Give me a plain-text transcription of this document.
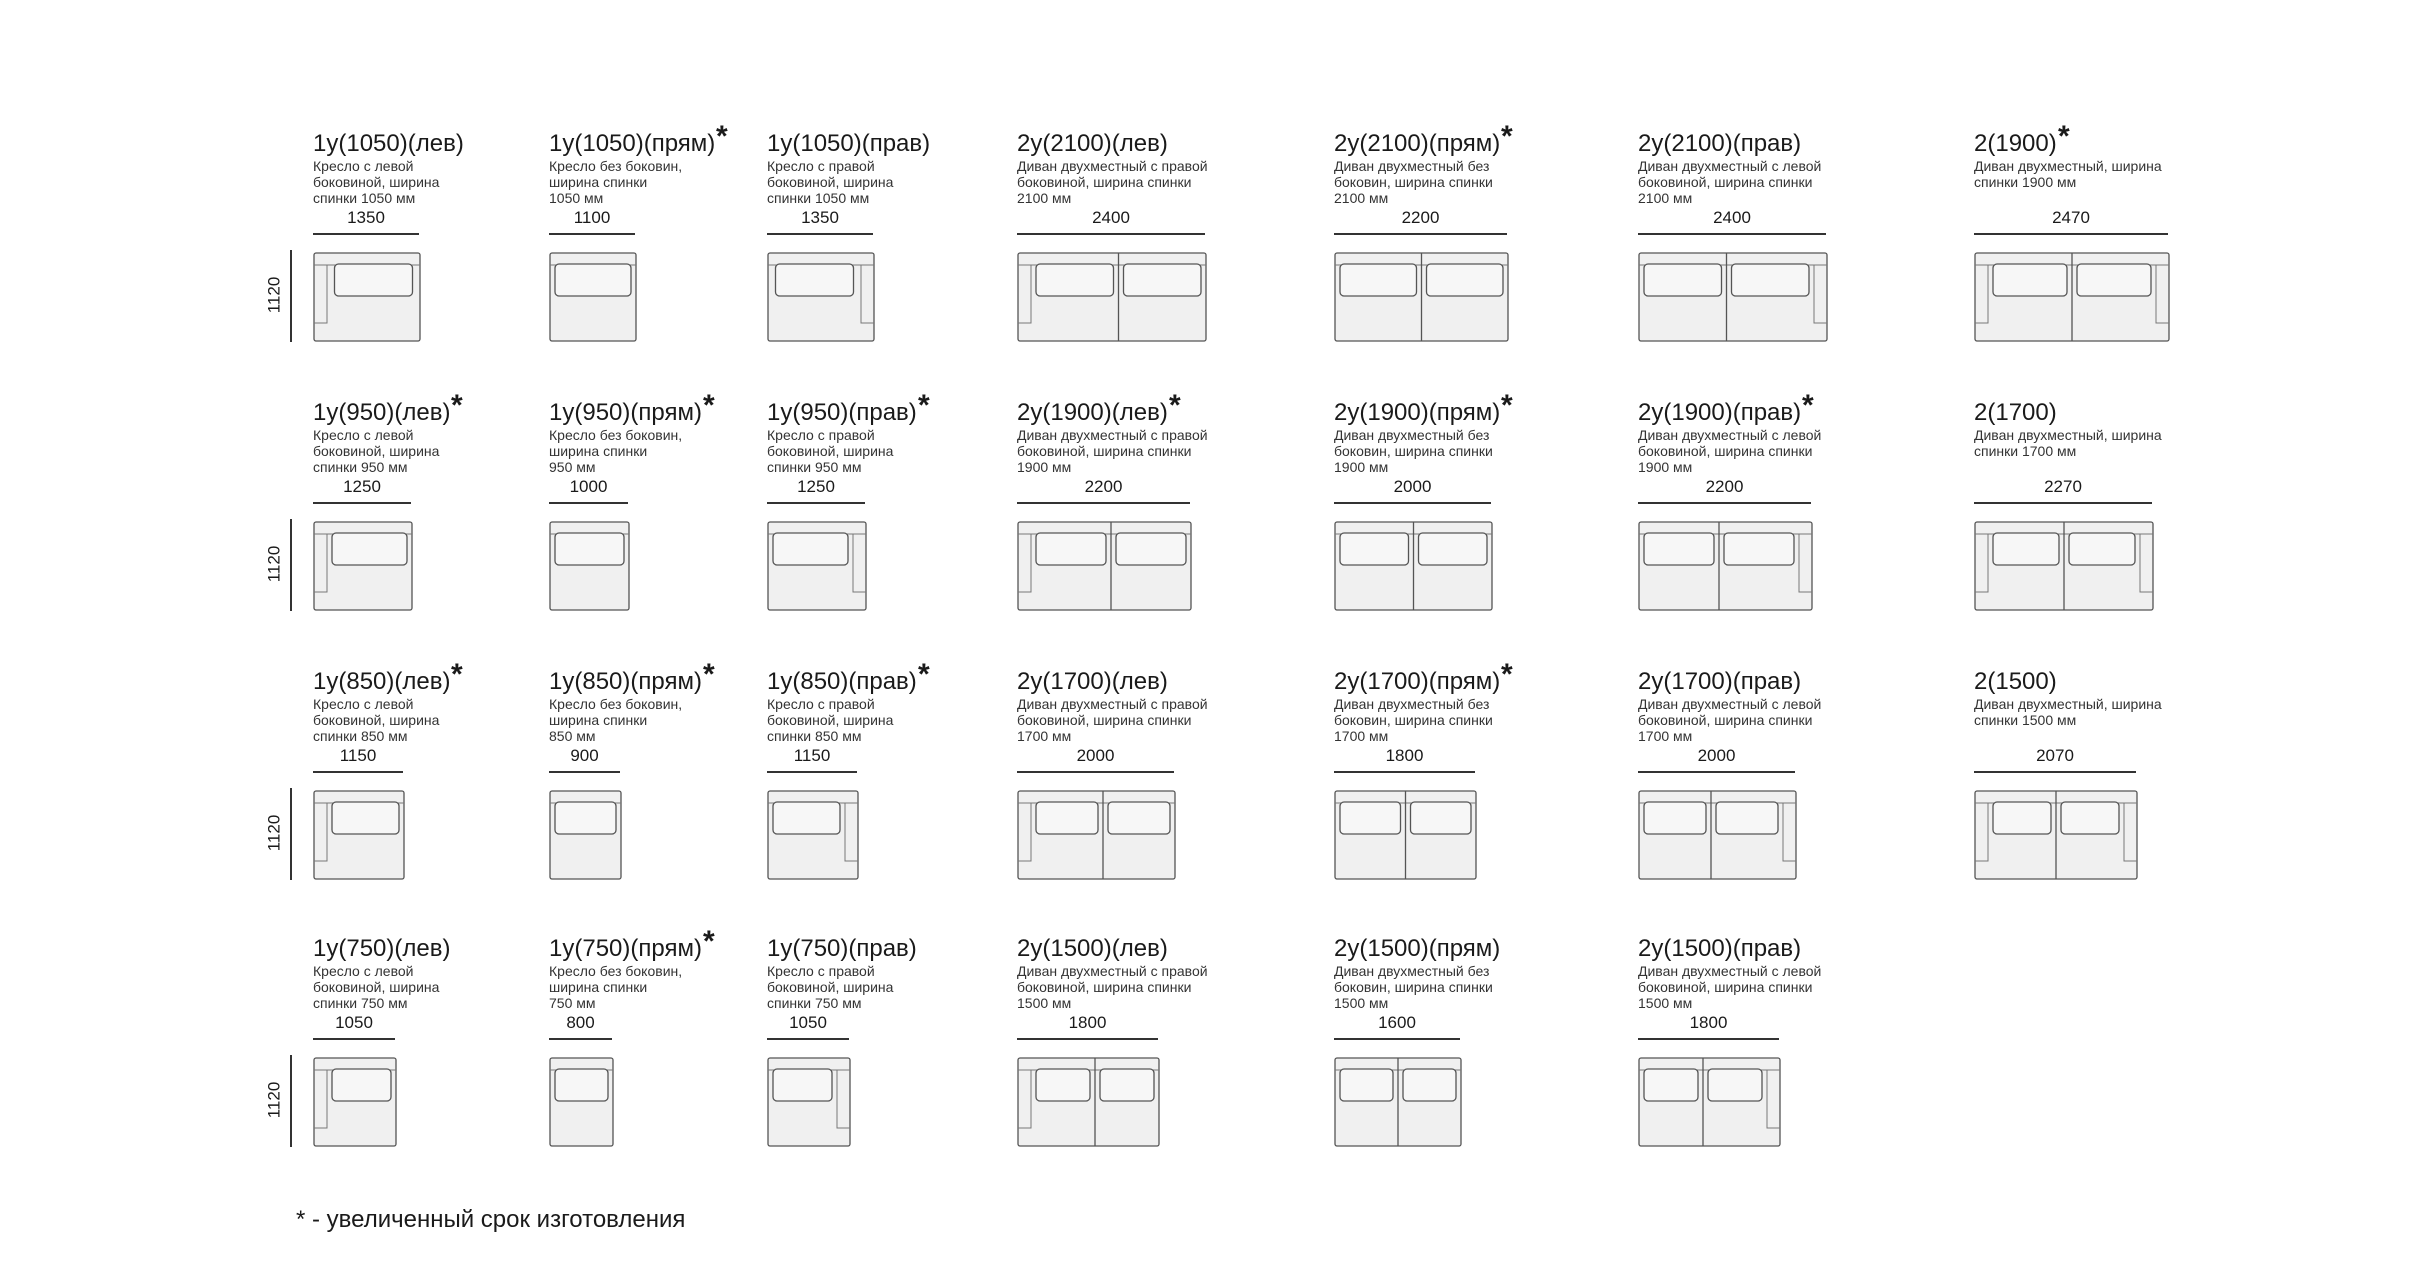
1120
1у(1050)(лев)
Кресло с левой
боковиной, ширина
спинки 1050 мм
1350
1у(1050)(прям) *
Кресло без боковин,
ширина спинки
1050 мм
1100
1у(1050)(прав)
Кресло с правой
боковиной, ширина
спинки 1050 мм
1350
2у(2100)(лев)
Диван двухместный с правой
боковиной, ширина спинки
2100 мм
2400
2у(2100)(прям) *
Диван двухместный без
боковин, ширина спинки
2100 мм
2200
2у(2100)(прав)
Диван двухместный с левой
боковиной, ширина спинки
2100 мм
2400
2(1900) *
Диван двухместный, ширина
спинки 1900 мм
2470
1120
1у(950)(лев) *
Кресло с левой
боковиной, ширина
спинки 950 мм
1250
1у(950)(прям) *
Кресло без боковин,
ширина спинки
950 мм
1000
1у(950)(прав) *
Кресло с правой
боковиной, ширина
спинки 950 мм
1250
2у(1900)(лев) *
Диван двухместный с правой
боковиной, ширина спинки
1900 мм
2200
2у(1900)(прям) *
Диван двухместный без
боковин, ширина спинки
1900 мм
2000
2у(1900)(прав) *
Диван двухместный с левой
боковиной, ширина спинки
1900 мм
2200
2(1700)
Диван двухместный, ширина
спинки 1700 мм
2270
1120
1у(850)(лев) *
Кресло с левой
боковиной, ширина
спинки 850 мм
1150
1у(850)(прям) *
Кресло без боковин,
ширина спинки
850 мм
900
1у(850)(прав) *
Кресло с правой
боковиной, ширина
спинки 850 мм
1150
2у(1700)(лев)
Диван двухместный с правой
боковиной, ширина спинки
1700 мм
2000
2у(1700)(прям) *
Диван двухместный без
боковин, ширина спинки
1700 мм
1800
2у(1700)(прав)
Диван двухместный с левой
боковиной, ширина спинки
1700 мм
2000
2(1500)
Диван двухместный, ширина
спинки 1500 мм
2070
1120
1у(750)(лев)
Кресло с левой
боковиной, ширина
спинки 750 мм
1050
1у(750)(прям) *
Кресло без боковин,
ширина спинки
750 мм
800
1у(750)(прав)
Кресло с правой
боковиной, ширина
спинки 750 мм
1050
2у(1500)(лев)
Диван двухместный с правой
боковиной, ширина спинки
1500 мм
1800
2у(1500)(прям)
Диван двухместный без
боковин, ширина спинки
1500 мм
1600
2у(1500)(прав)
Диван двухместный с левой
боковиной, ширина спинки
1500 мм
1800
* - увеличенный срок изготовления
